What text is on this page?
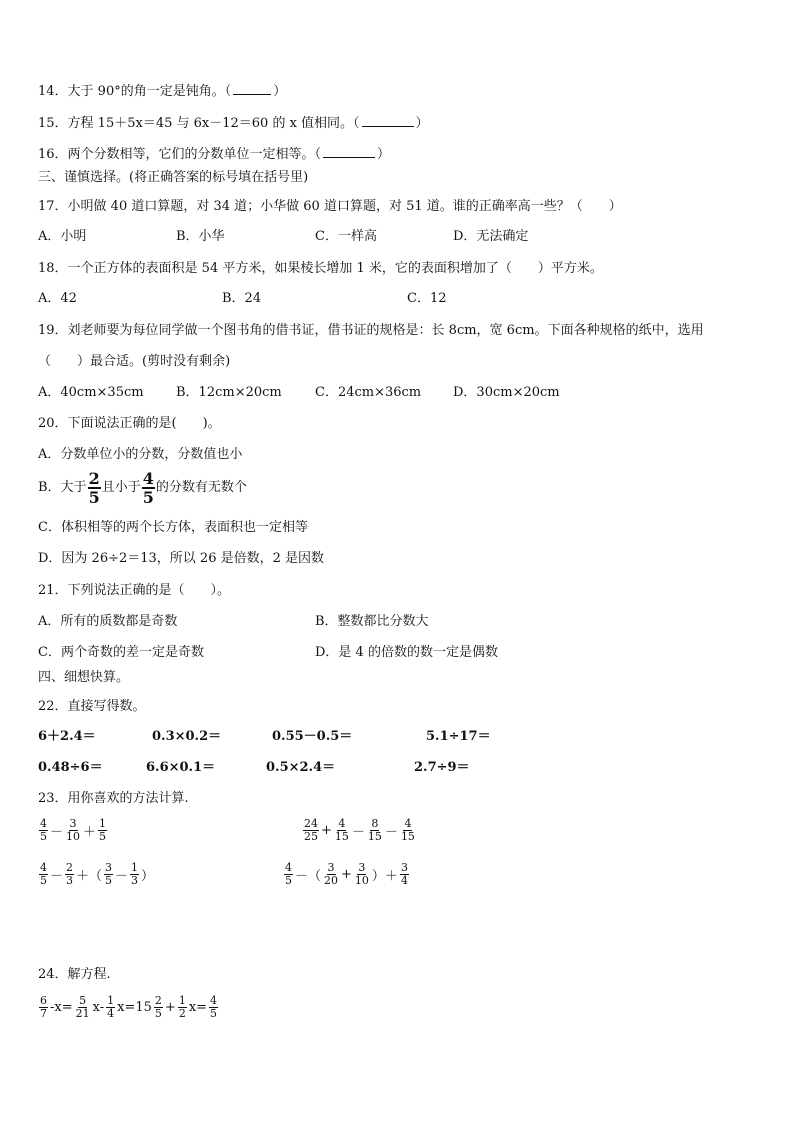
14．大于 90°的角一定是钝角。（	）
15．方程 15＋5x＝45 与 6x－12＝60 的 x 值相同。（	）
16．两个分数相等，它们的分数单位一定相等。（	）
三、谨慎选择。(将正确答案的标号填在括号里)
17．小明做 40 道口算题，对 34 道；小华做 60 道口算题，对 51 道。谁的正确率高一些？（　　）
A．小明	B．小华	C．一样高	D．无法确定
18．一个正方体的表面积是 54 平方米，如果棱长增加 1 米，它的表面积增加了（　　）平方米。
A．42	B．24	C．12
19．刘老师要为每位同学做一个图书角的借书证，借书证的规格是：长 8cm，宽 6cm。下面各种规格的纸中，选用
（　　）最合适。(剪时没有剩余)
A．40cm×35cm B．12cm×20cm	C．24cm×36cm D．30cm×20cm
20．下面说法正确的是(　　)。
A．分数单位小的分数，分数值也小
B．大于 $\frac{2}{5}$ 且小于 $\frac{4}{5}$ 的分数有无数个
C．体积相等的两个长方体，表面积也一定相等
D．因为 26÷2＝13，所以 26 是倍数，2 是因数
21．下列说法正确的是（　　）。
A．所有的质数都是奇数	B．整数都比分数大
C．两个奇数的差一定是奇数	D．是 4 的倍数的数一定是偶数
四、细想快算。
22．直接写得数。
6＋2.4＝	0.3×0.2＝	0.55－0.5＝	5.1÷17＝
0.48÷6＝	6.6×0.1＝	0.5×2.4＝	2.7÷9＝
23．用你喜欢的方法计算.
$\frac{4}{5} - \frac{3}{10} + \frac{1}{5}$	$\frac{24}{25} + \frac{4}{15} - \frac{8}{15} - \frac{4}{15}$
$\frac{4}{5} - \frac{2}{3}$ ＋（ $\frac{3}{5} - \frac{1}{3}$ ）	$\frac{4}{5}$ －（ $\frac{3}{20} + \frac{3}{10}$ ）＋ $\frac{3}{4}$
24．解方程.
$\frac{6}{7} -x= \frac{5}{21} x- \frac{1}{4} x=15 \frac{2}{5} + \frac{1}{2} x= \frac{4}{5}$
